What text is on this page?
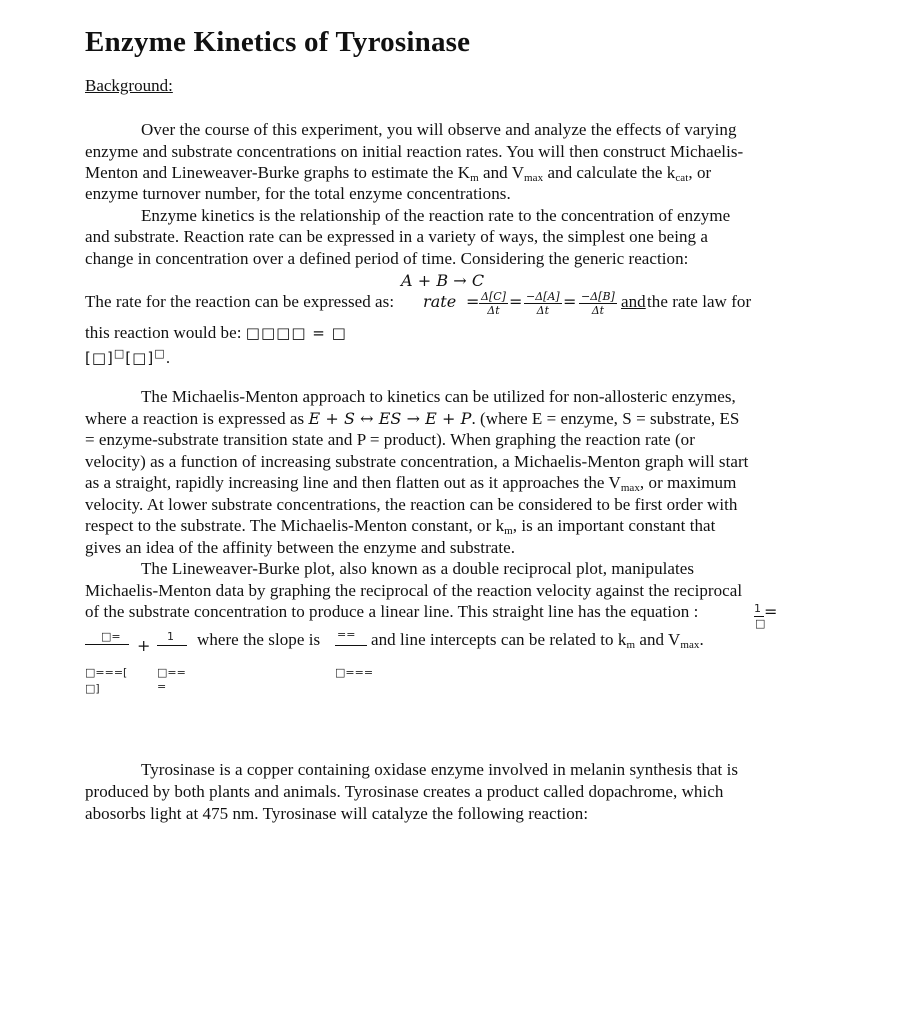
Enzyme Kinetics of Tyrosinase
Background:
Over the course of this experiment, you will observe and analyze the effects of varying
enzyme and substrate concentrations on initial reaction rates. You will then construct Michaelis-
Menton and Lineweaver-Burke graphs to estimate the $K_m$ and $V_{max}$ and calculate the $k_{cat}$, or
enzyme turnover number, for the total enzyme concentrations.
Enzyme kinetics is the relationship of the reaction rate to the concentration of enzyme
and substrate. Reaction rate can be expressed in a variety of ways, the simplest one being a
change in concentration over a defined period of time. Considering the generic reaction:
A + B → C
The rate for the reaction can be expressed as: rate = $\frac{\Delta[C]}{\Delta t} = \frac{-\Delta[A]}{\Delta t} = \frac{-\Delta[B]}{\Delta t}$ and the rate law for
this reaction would be: □□□□ = □
[□]□[□]□.
The Michaelis-Menton approach to kinetics can be utilized for non-allosteric enzymes,
where a reaction is expressed as E + S ↔ ES → E + P. (where E = enzyme, S = substrate, ES
= enzyme-substrate transition state and P = product). When graphing the reaction rate (or
velocity) as a function of increasing substrate concentration, a Michaelis-Menton graph will start
as a straight, rapidly increasing line and then flatten out as it approaches the $V_{max}$, or maximum
velocity. At lower substrate concentrations, the reaction can be considered to be first order with
respect to the substrate. The Michaelis-Menton constant, or $k_m$, is an important constant that
gives an idea of the affinity between the enzyme and substrate.
The Lineweaver-Burke plot, also known as a double reciprocal plot, manipulates
Michaelis-Menton data by graphing the reciprocal of the reaction velocity against the reciprocal
of the substrate concentration to produce a linear line. This straight line has the equation :	1
□
=
□= + 1 where the slope is == and line intercepts can be related to $k_m$ and $V_{max}$.
□===[
□]
□==
=
□===
Tyrosinase is a copper containing oxidase enzyme involved in melanin synthesis that is
produced by both plants and animals. Tyrosinase creates a product called dopachrome, which
abosorbs light at 475 nm. Tyrosinase will catalyze the following reaction:
